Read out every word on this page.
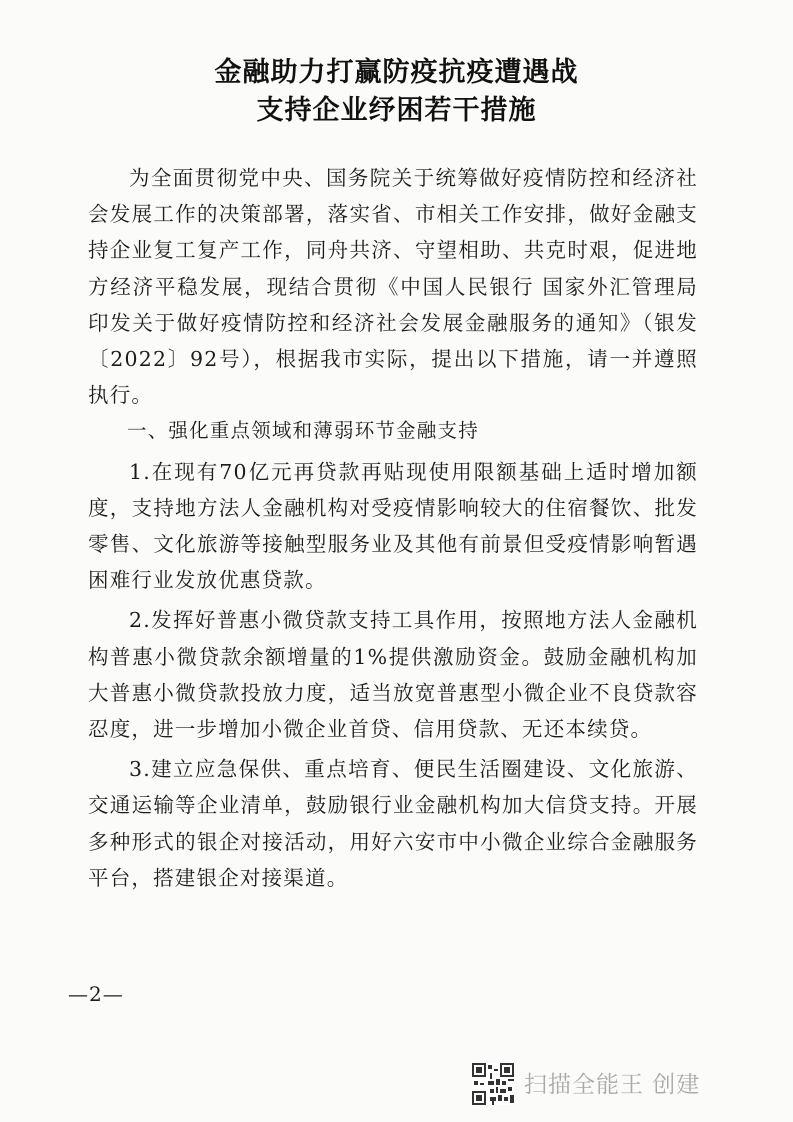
金融助力打赢防疫抗疫遭遇战
支持企业纾困若干措施

为全面贯彻党中央、国务院关于统筹做好疫情防控和经济社会发展工作的决策部署，落实省、市相关工作安排，做好金融支持企业复工复产工作，同舟共济、守望相助、共克时艰，促进地方经济平稳发展，现结合贯彻《中国人民银行 国家外汇管理局印发关于做好疫情防控和经济社会发展金融服务的通知》（银发〔2022〕92号），根据我市实际，提出以下措施，请一并遵照执行。

一、强化重点领域和薄弱环节金融支持

1.在现有70亿元再贷款再贴现使用限额基础上适时增加额度，支持地方法人金融机构对受疫情影响较大的住宿餐饮、批发零售、文化旅游等接触型服务业及其他有前景但受疫情影响暂遇困难行业发放优惠贷款。

2.发挥好普惠小微贷款支持工具作用，按照地方法人金融机构普惠小微贷款余额增量的1%提供激励资金。鼓励金融机构加大普惠小微贷款投放力度，适当放宽普惠型小微企业不良贷款容忍度，进一步增加小微企业首贷、信用贷款、无还本续贷。

3.建立应急保供、重点培育、便民生活圈建设、文化旅游、交通运输等企业清单，鼓励银行业金融机构加大信贷支持。开展多种形式的银企对接活动，用好六安市中小微企业综合金融服务平台，搭建银企对接渠道。

—2—
扫描全能王 创建
